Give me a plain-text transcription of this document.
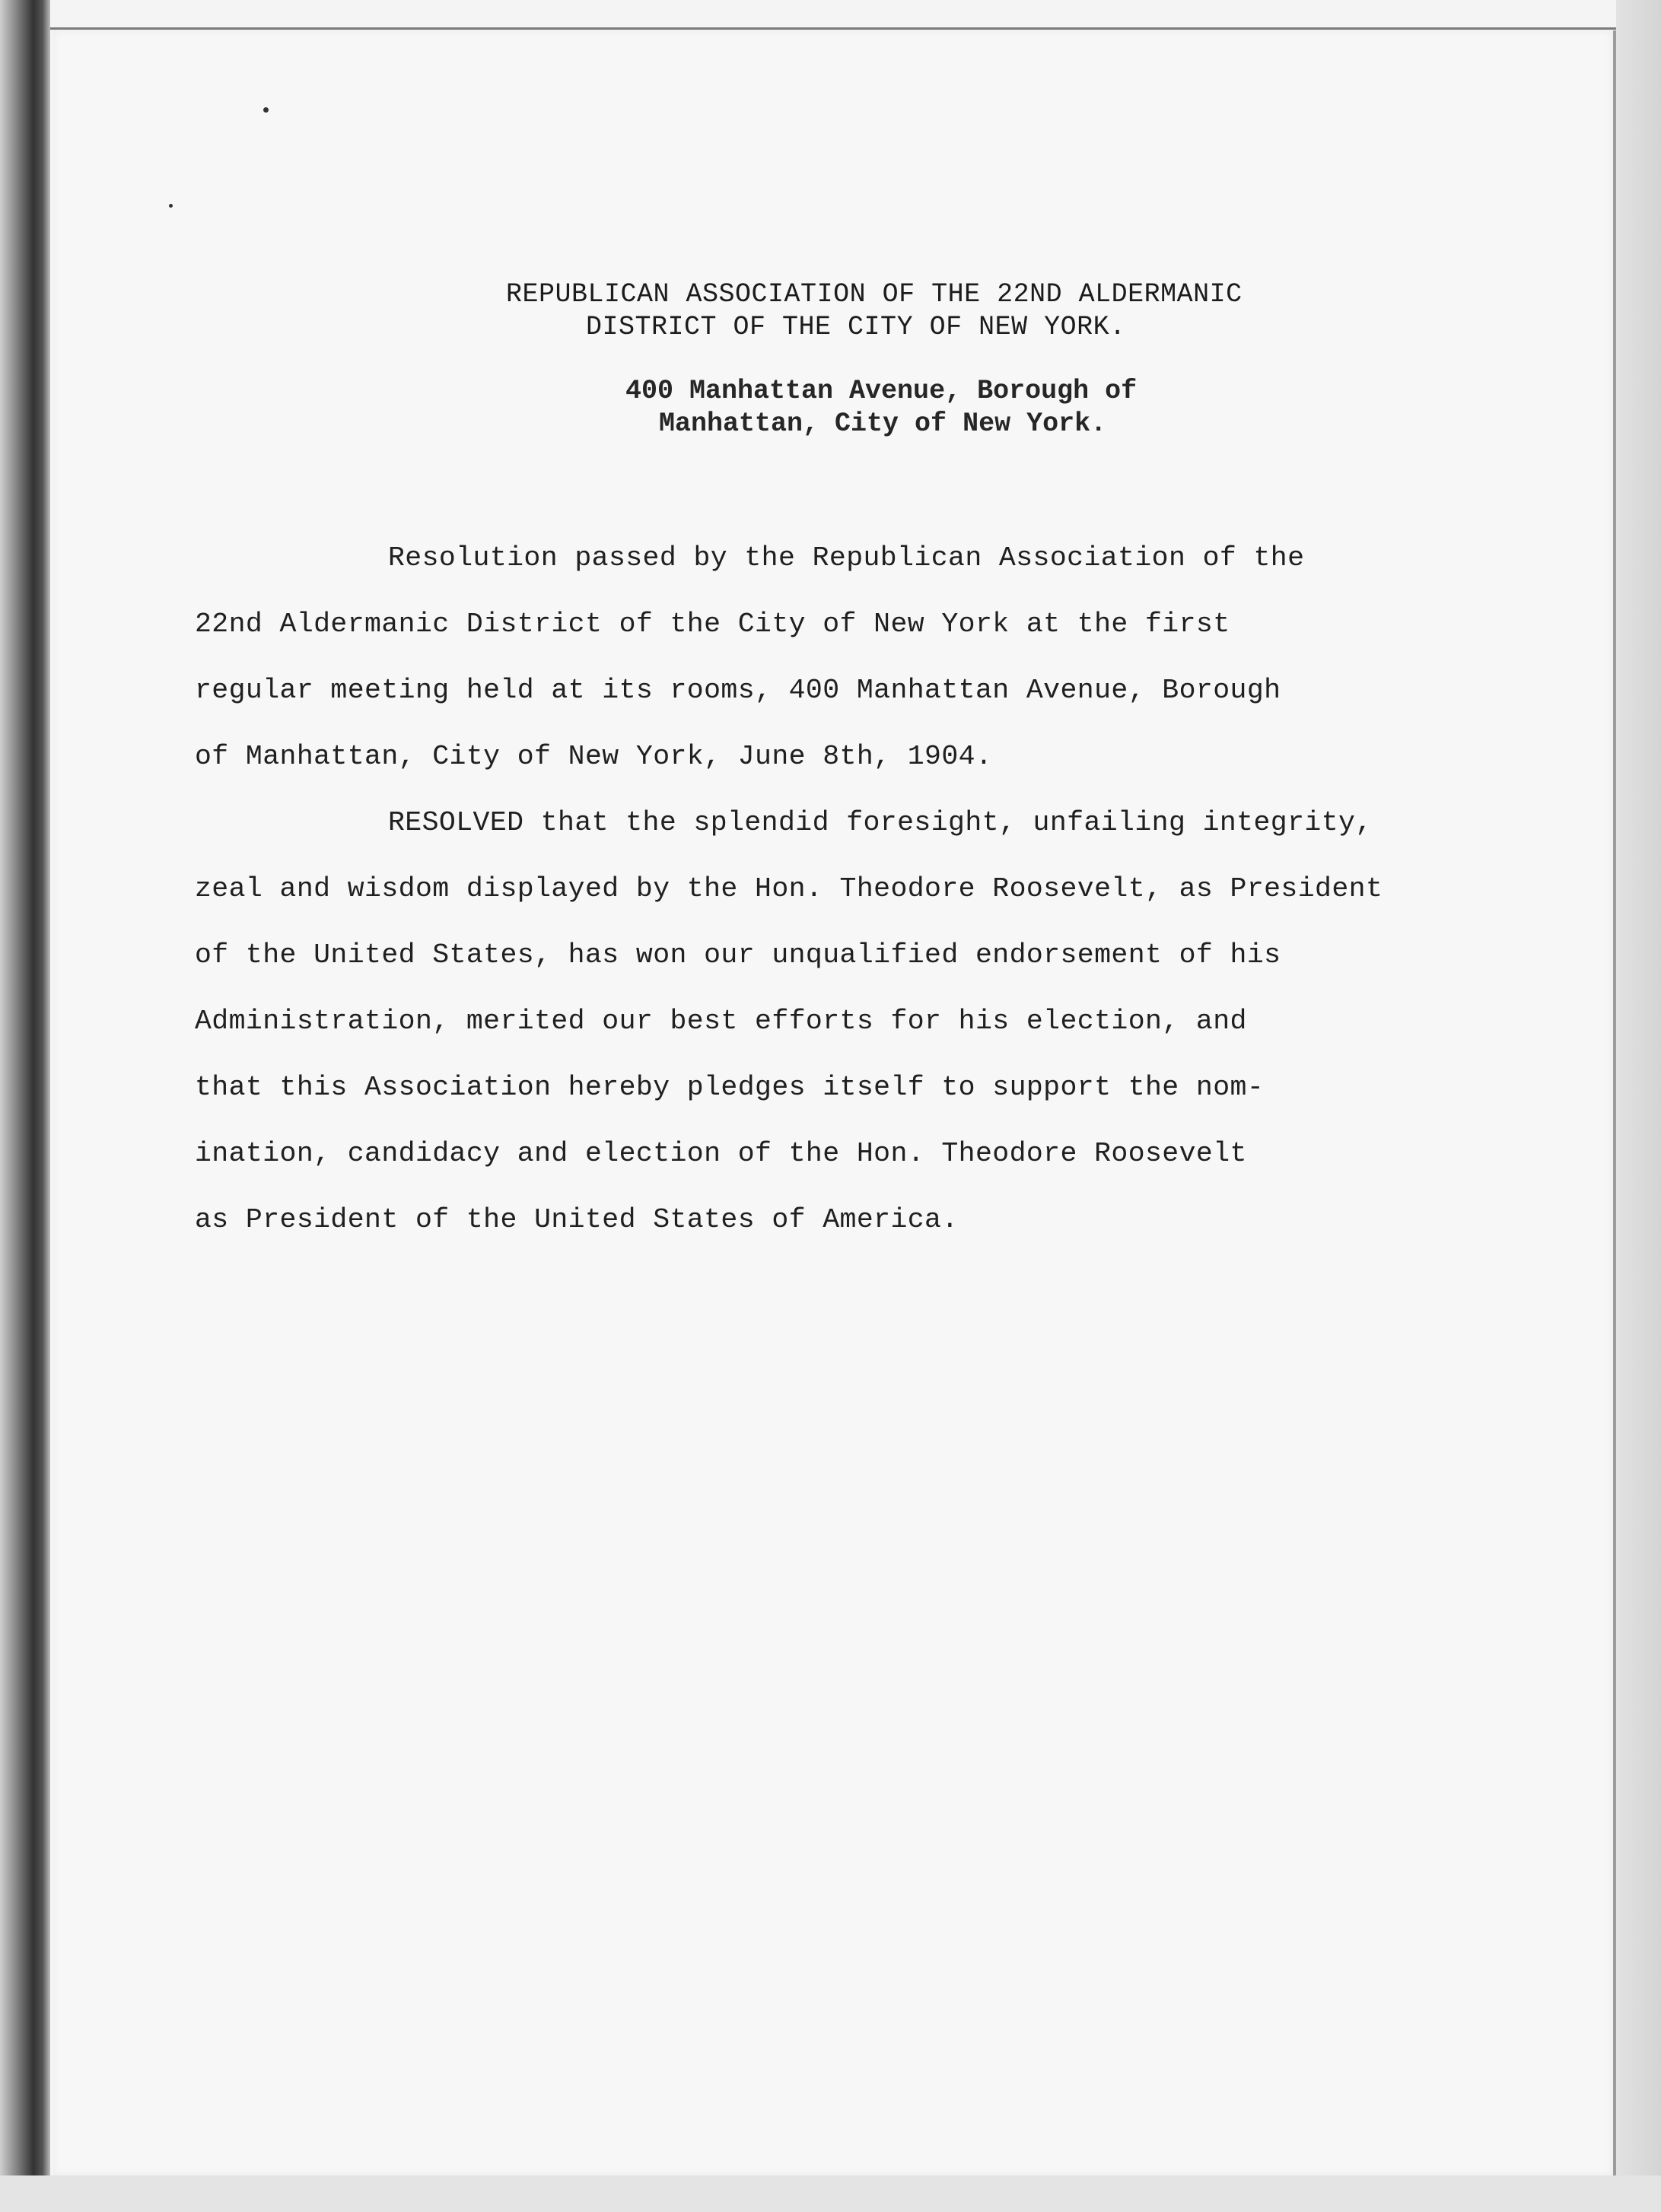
REPUBLICAN ASSOCIATION OF THE 22ND ALDERMANIC

DISTRICT OF THE CITY OF NEW YORK.

400 Manhattan Avenue, Borough of

Manhattan, City of New York.

Resolution passed by the Republican Association of the
22nd Aldermanic District of the City of New York at the first
regular meeting held at its rooms, 400 Manhattan Avenue, Borough
of Manhattan, City of New York, June 8th, 1904.
RESOLVED that the splendid foresight, unfailing integrity,
zeal and wisdom displayed by the Hon. Theodore Roosevelt, as President
of the United States, has won our unqualified endorsement of his
Administration, merited our best efforts for his election, and
that this Association hereby pledges itself to support the nom-
ination, candidacy and election of the Hon. Theodore Roosevelt
as President of the United States of America.
